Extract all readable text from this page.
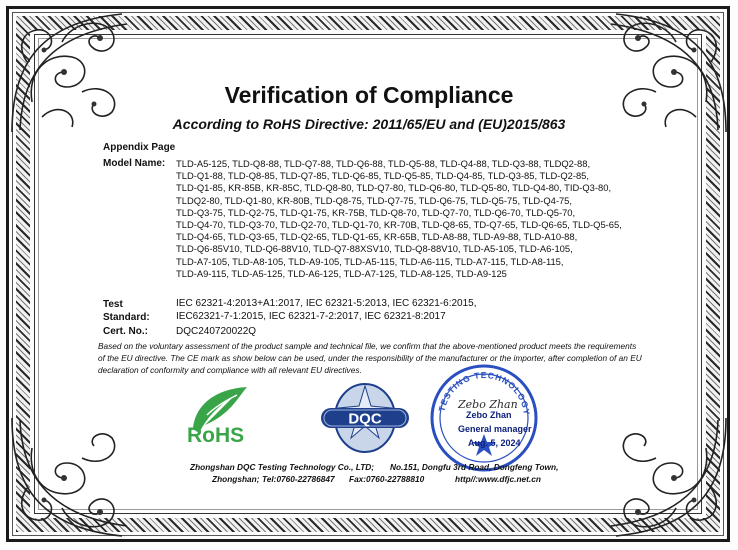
Verification of Compliance
According to RoHS Directive: 2011/65/EU and (EU)2015/863
Appendix Page
Model Name: TLD-A5-125, TLD-Q8-88, TLD-Q7-88, TLD-Q6-88, TLD-Q5-88, TLD-Q4-88, TLD-Q3-88, TLDQ2-88,
TLD-Q1-88, TLD-Q8-85, TLD-Q7-85, TLD-Q6-85, TLD-Q5-85, TLD-Q4-85, TLD-Q3-85, TLD-Q2-85,
TLD-Q1-85, KR-85B, KR-85C, TLD-Q8-80, TLD-Q7-80, TLD-Q6-80, TLD-Q5-80, TLD-Q4-80, TID-Q3-80,
TLDQ2-80, TLD-Q1-80, KR-80B, TLD-Q8-75, TLD-Q7-75, TLD-Q6-75, TLD-Q5-75, TLD-Q4-75,
TLD-Q3-75, TLD-Q2-75, TLD-Q1-75, KR-75B, TLD-Q8-70, TLD-Q7-70, TLD-Q6-70, TLD-Q5-70,
TLD-Q4-70, TLD-Q3-70, TLD-Q2-70, TLD-Q1-70, KR-70B, TLD-Q8-65, TD-Q7-65, TLD-Q6-65, TLD-Q5-65,
TLD-Q4-65, TLD-Q3-65, TLD-Q2-65, TLD-Q1-65, KR-65B, TLD-A8-88, TLD-A9-88, TLD-A10-88,
TLD-Q6-85V10, TLD-Q6-88V10, TLD-Q7-88XSV10, TLD-Q8-88V10, TLD-A5-105, TLD-A6-105,
TLD-A7-105, TLD-A8-105, TLD-A9-105, TLD-A5-115, TLD-A6-115, TLD-A7-115, TLD-A8-115,
TLD-A9-115, TLD-A5-125, TLD-A6-125, TLD-A7-125, TLD-A8-125, TLD-A9-125
Test
Standard:
IEC 62321-4:2013+A1:2017, IEC 62321-5:2013, IEC 62321-6:2015,
IEC62321-7-1:2015, IEC 62321-7-2:2017, IEC 62321-8:2017
Cert. No.:	DQC240720022Q
Based on the voluntary assessment of the product sample and technical file, we confirm that the above-mentioned product meets the requirements of the EU directive. The CE mark as show below can be used, under the responsibility of the manufacturer or the importer, after completion of an EU declaration of conformity and compliance with all relevant EU directives.
RoHS
DQC
TESTING TECHNOLOGY
Zebo Zhan
Zebo Zhan
General manager
Aug. 5, 2024
Zhongshan DQC Testing Technology Co., LTD; No.151, Dongfu 3rd Road, Dongfeng Town,
Zhongshan; Tel:0760-22786847 Fax:0760-22788810	http//:www.dfjc.net.cn
